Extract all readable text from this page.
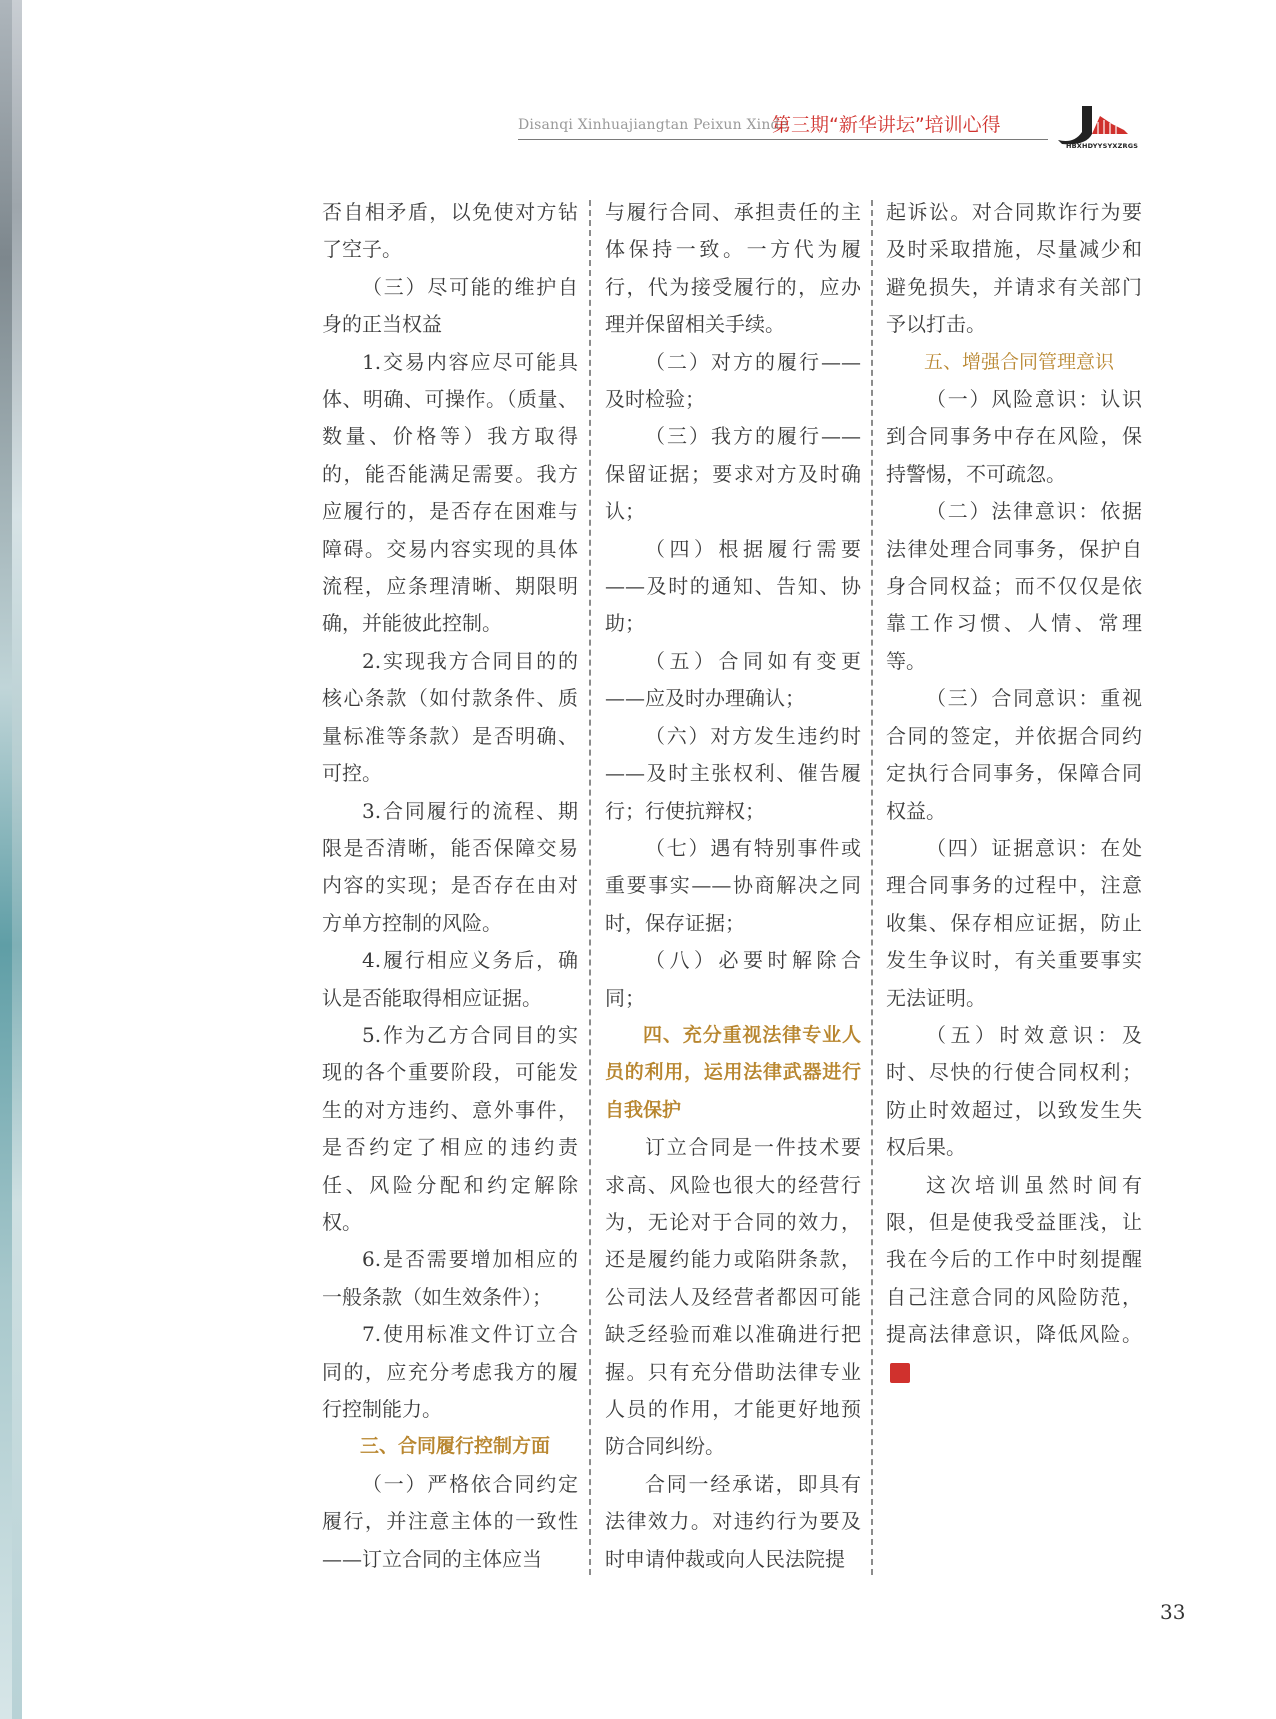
Disanqi Xinhuajiangtan Peixun Xinde
第三期“新华讲坛”培训心得
HBXHDYYSYXZRGS

否自相矛盾，以免使对方钻了空子。

（三）尽可能的维护自身的正当权益

1.交易内容应尽可能具体、明确、可操作。（质量、数量、价格等）我方取得的，能否能满足需要。我方应履行的，是否存在困难与障碍。交易内容实现的具体流程，应条理清晰、期限明确，并能彼此控制。

2.实现我方合同目的的核心条款（如付款条件、质量标准等条款）是否明确、可控。

3.合同履行的流程、期限是否清晰，能否保障交易内容的实现；是否存在由对方单方控制的风险。

4.履行相应义务后，确认是否能取得相应证据。

5.作为乙方合同目的实现的各个重要阶段，可能发生的对方违约、意外事件，是否约定了相应的违约责任、风险分配和约定解除权。

6.是否需要增加相应的一般条款（如生效条件）；

7.使用标准文件订立合同的，应充分考虑我方的履行控制能力。

三、合同履行控制方面

（一）严格依合同约定履行，并注意主体的一致性——订立合同的主体应当

与履行合同、承担责任的主体保持一致。一方代为履行，代为接受履行的，应办理并保留相关手续。

（二）对方的履行——及时检验；

（三）我方的履行——保留证据；要求对方及时确认；

（四）根据履行需要——及时的通知、告知、协助；

（五）合同如有变更——应及时办理确认；

（六）对方发生违约时——及时主张权利、催告履行；行使抗辩权；

（七）遇有特别事件或重要事实——协商解决之同时，保存证据；

（八）必要时解除合同；

四、充分重视法律专业人员的利用，运用法律武器进行自我保护

订立合同是一件技术要求高、风险也很大的经营行为，无论对于合同的效力，还是履约能力或陷阱条款，公司法人及经营者都因可能缺乏经验而难以准确进行把握。只有充分借助法律专业人员的作用，才能更好地预防合同纠纷。

合同一经承诺，即具有法律效力。对违约行为要及时申请仲裁或向人民法院提

起诉讼。对合同欺诈行为要及时采取措施，尽量减少和避免损失，并请求有关部门予以打击。

五、增强合同管理意识

（一）风险意识：认识到合同事务中存在风险，保持警惕，不可疏忽。

（二）法律意识：依据法律处理合同事务，保护自身合同权益；而不仅仅是依靠工作习惯、人情、常理等。

（三）合同意识：重视合同的签定，并依据合同约定执行合同事务，保障合同权益。

（四）证据意识：在处理合同事务的过程中，注意收集、保存相应证据，防止发生争议时，有关重要事实无法证明。

（五）时效意识：及时、尽快的行使合同权利；防止时效超过，以致发生失权后果。

这次培训虽然时间有限，但是使我受益匪浅，让我在今后的工作中时刻提醒自己注意合同的风险防范，提高法律意识，降低风险。新

33
